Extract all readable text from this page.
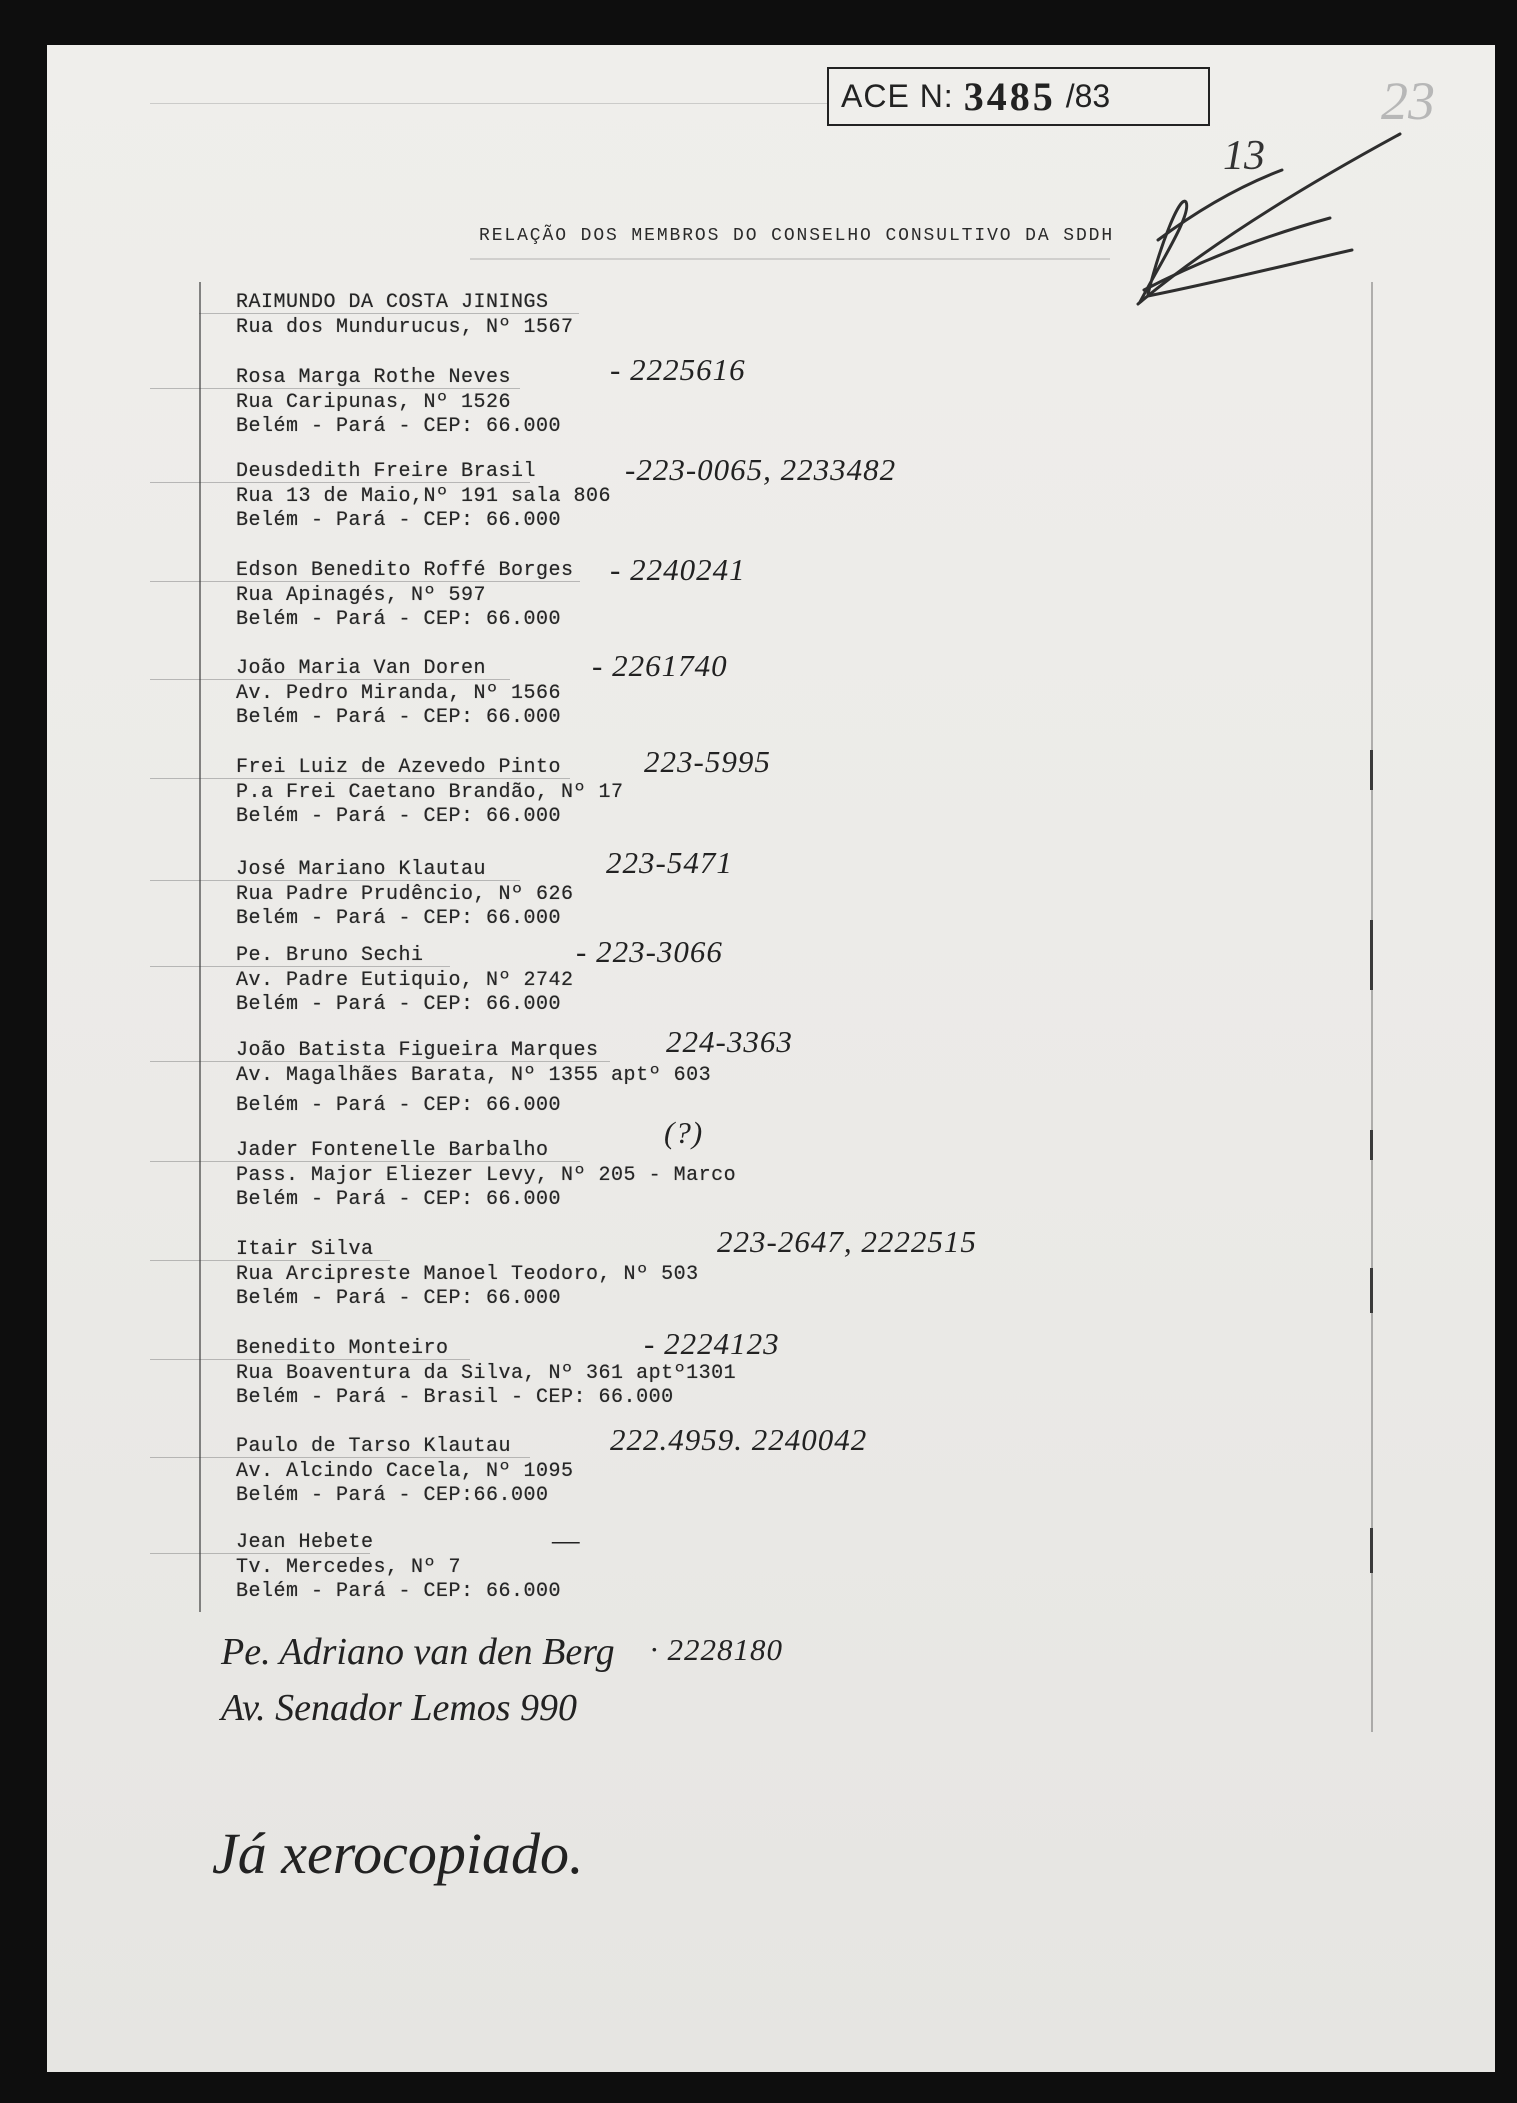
ACE N: 3485 /83	23
13
RELAÇÃO DOS MEMBROS DO CONSELHO CONSULTIVO DA SDDH
RAIMUNDO DA COSTA JININGS
Rua dos Mundurucus, Nº 1567
Rosa Marga Rothe Neves
Rua Caripunas, Nº 1526
Belém - Pará - CEP: 66.000
- 2225616
Deusdedith Freire Brasil
Rua 13 de Maio,Nº 191 sala 806
Belém - Pará - CEP: 66.000
-223-0065, 2233482
Edson Benedito Roffé Borges
Rua Apinagés, Nº 597
Belém - Pará - CEP: 66.000
- 2240241
João Maria Van Doren
Av. Pedro Miranda, Nº 1566
Belém - Pará - CEP: 66.000
- 2261740
Frei Luiz de Azevedo Pinto
P.a Frei Caetano Brandão, Nº 17
Belém - Pará - CEP: 66.000
223-5995
José Mariano Klautau
Rua Padre Prudêncio, Nº 626
Belém - Pará - CEP: 66.000
223-5471
Pe. Bruno Sechi
Av. Padre Eutiquio, Nº 2742
Belém - Pará - CEP: 66.000
- 223-3066
João Batista Figueira Marques
Av. Magalhães Barata, Nº 1355 aptº 603
Belém - Pará - CEP: 66.000
224-3363
Jader Fontenelle Barbalho
Pass. Major Eliezer Levy, Nº 205 - Marco
Belém - Pará - CEP: 66.000
(?)
Itair Silva
Rua Arcipreste Manoel Teodoro, Nº 503
Belém - Pará - CEP: 66.000
223-2647, 2222515
Benedito Monteiro
Rua Boaventura da Silva, Nº 361 aptº1301
Belém - Pará - Brasil - CEP: 66.000
- 2224123
Paulo de Tarso Klautau
Av. Alcindo Cacela, Nº 1095
Belém - Pará - CEP:66.000
222.4959. 2240042
Jean Hebete
Tv. Mercedes, Nº 7
Belém - Pará - CEP: 66.000
—
Pe. Adriano van den Berg · 2228180
Av. Senador Lemos 990
Já xerocopiado.
